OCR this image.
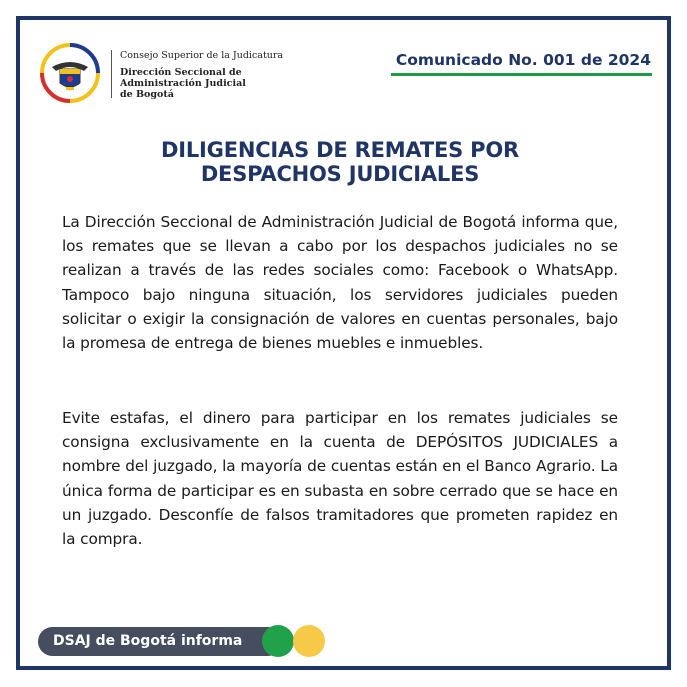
Consejo Superior de la Judicatura
Dirección Seccional de
Administración Judicial
de Bogotá
Comunicado No. 001 de 2024
DILIGENCIAS DE REMATES POR
DESPACHOS JUDICIALES
La Dirección Seccional de Administración Judicial de Bogotá informa que, los remates que se llevan a cabo por los despachos judiciales no se realizan a través de las redes sociales como: Facebook o WhatsApp. Tampoco bajo ninguna situación, los servidores judiciales pueden solicitar o exigir la consignación de valores en cuentas personales, bajo la promesa de entrega de bienes muebles e inmuebles.
Evite estafas, el dinero para participar en los remates judiciales se consigna exclusivamente en la cuenta de DEPÓSITOS JUDICIALES a nombre del juzgado, la mayoría de cuentas están en el Banco Agrario. La única forma de participar es en subasta en sobre cerrado que se hace en un juzgado. Desconfíe de falsos tramitadores que prometen rapidez en la compra.
DSAJ de Bogotá informa
